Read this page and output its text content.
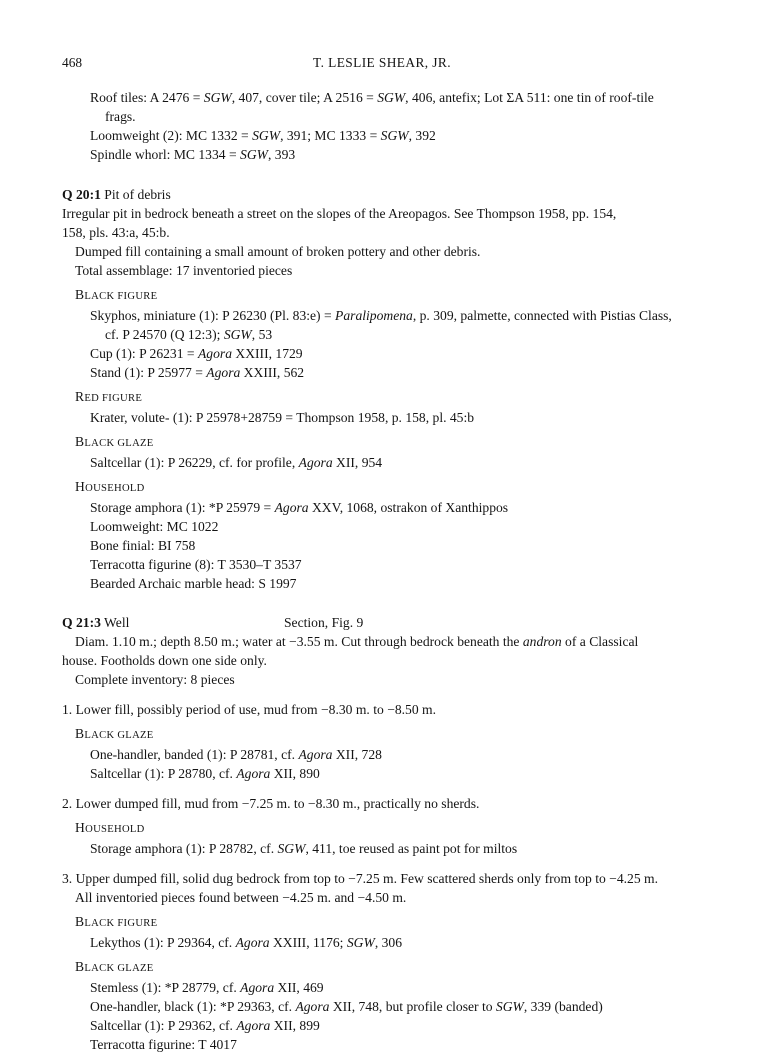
468	T. LESLIE SHEAR, JR.
Roof tiles: A 2476 = SGW, 407, cover tile; A 2516 = SGW, 406, antefix; Lot ΣA 511: one tin of roof-tile
frags.
Loomweight (2): MC 1332 = SGW, 391; MC 1333 = SGW, 392
Spindle whorl: MC 1334 = SGW, 393
Q 20:1 Pit of debris
Irregular pit in bedrock beneath a street on the slopes of the Areopagos. See Thompson 1958, pp. 154,
158, pls. 43:a, 45:b.
Dumped fill containing a small amount of broken pottery and other debris.
Total assemblage: 17 inventoried pieces
BLACK FIGURE
Skyphos, miniature (1): P 26230 (Pl. 83:e) = Paralipomena, p. 309, palmette, connected with Pistias Class,
cf. P 24570 (Q 12:3); SGW, 53
Cup (1): P 26231 = Agora XXIII, 1729
Stand (1): P 25977 = Agora XXIII, 562
RED FIGURE
Krater, volute- (1): P 25978+28759 = Thompson 1958, p. 158, pl. 45:b
BLACK GLAZE
Saltcellar (1): P 26229, cf. for profile, Agora XII, 954
HOUSEHOLD
Storage amphora (1): *P 25979 = Agora XXV, 1068, ostrakon of Xanthippos
Loomweight: MC 1022
Bone finial: BI 758
Terracotta figurine (8): T 3530–T 3537
Bearded Archaic marble head: S 1997
Q 21:3 Well	Section, Fig. 9
Diam. 1.10 m.; depth 8.50 m.; water at −3.55 m. Cut through bedrock beneath the andron of a Classical
house. Footholds down one side only.
Complete inventory: 8 pieces
1. Lower fill, possibly period of use, mud from −8.30 m. to −8.50 m.
BLACK GLAZE
One-handler, banded (1): P 28781, cf. Agora XII, 728
Saltcellar (1): P 28780, cf. Agora XII, 890
2. Lower dumped fill, mud from −7.25 m. to −8.30 m., practically no sherds.
HOUSEHOLD
Storage amphora (1): P 28782, cf. SGW, 411, toe reused as paint pot for miltos
3. Upper dumped fill, solid dug bedrock from top to −7.25 m. Few scattered sherds only from top to −4.25 m.
All inventoried pieces found between −4.25 m. and −4.50 m.
BLACK FIGURE
Lekythos (1): P 29364, cf. Agora XXIII, 1176; SGW, 306
BLACK GLAZE
Stemless (1): *P 28779, cf. Agora XII, 469
One-handler, black (1): *P 29363, cf. Agora XII, 748, but profile closer to SGW, 339 (banded)
Saltcellar (1): P 29362, cf. Agora XII, 899
Terracotta figurine: T 4017
